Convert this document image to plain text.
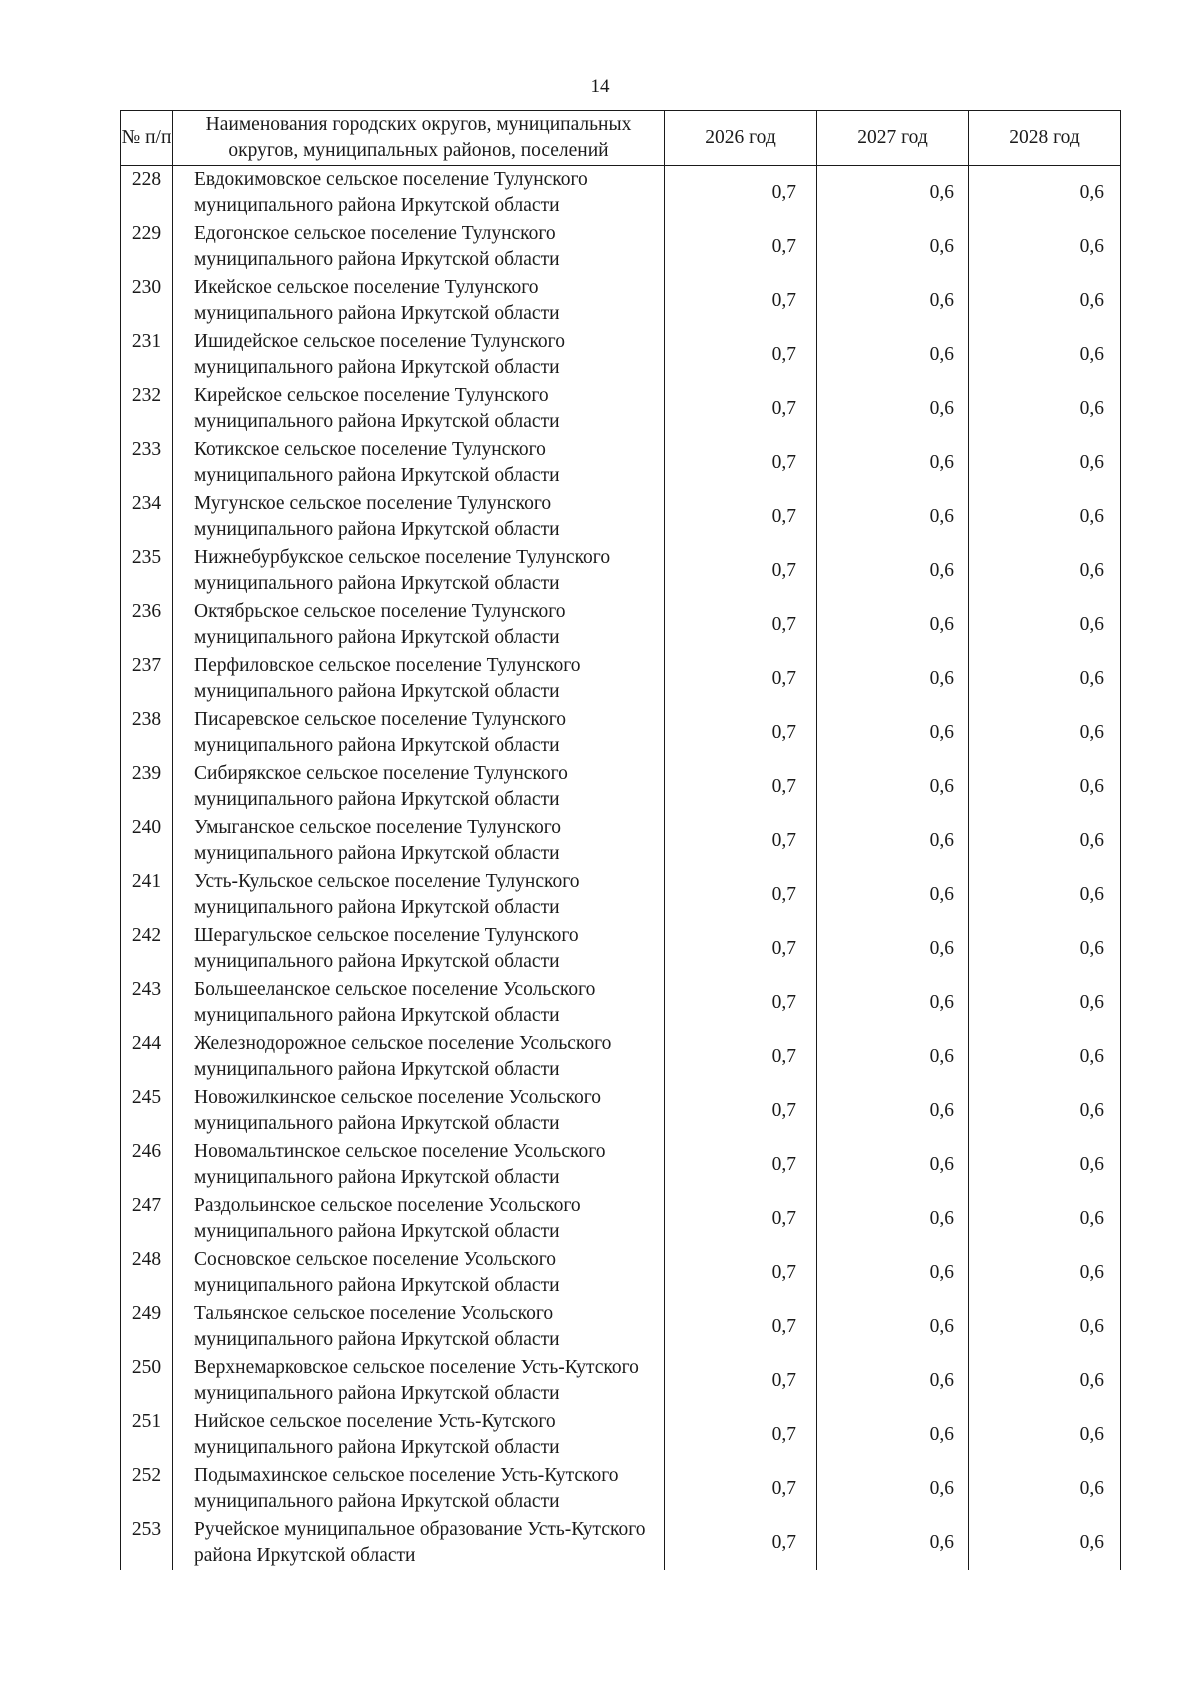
14
№ п/п	Наименования городских округов, муниципальных округов, муниципальных районов, поселений	2026 год	2027 год	2028 год
228	Евдокимовское сельское поселение Тулунского муниципального района Иркутской области	0,7	0,6	0,6
229	Едогонское сельское поселение Тулунского муниципального района Иркутской области	0,7	0,6	0,6
230	Икейское сельское поселение Тулунского муниципального района Иркутской области	0,7	0,6	0,6
231	Ишидейское сельское поселение Тулунского муниципального района Иркутской области	0,7	0,6	0,6
232	Кирейское сельское поселение Тулунского муниципального района Иркутской области	0,7	0,6	0,6
233	Котикское сельское поселение Тулунского муниципального района Иркутской области	0,7	0,6	0,6
234	Мугунское сельское поселение Тулунского муниципального района Иркутской области	0,7	0,6	0,6
235	Нижнебурбукское сельское поселение Тулунского муниципального района Иркутской области	0,7	0,6	0,6
236	Октябрьское сельское поселение Тулунского муниципального района Иркутской области	0,7	0,6	0,6
237	Перфиловское сельское поселение Тулунского муниципального района Иркутской области	0,7	0,6	0,6
238	Писаревское сельское поселение Тулунского муниципального района Иркутской области	0,7	0,6	0,6
239	Сибирякское сельское поселение Тулунского муниципального района Иркутской области	0,7	0,6	0,6
240	Умыганское сельское поселение Тулунского муниципального района Иркутской области	0,7	0,6	0,6
241	Усть-Кульское сельское поселение Тулунского муниципального района Иркутской области	0,7	0,6	0,6
242	Шерагульское сельское поселение Тулунского муниципального района Иркутской области	0,7	0,6	0,6
243	Большееланское сельское поселение Усольского муниципального района Иркутской области	0,7	0,6	0,6
244	Железнодорожное сельское поселение Усольского муниципального района Иркутской области	0,7	0,6	0,6
245	Новожилкинское сельское поселение Усольского муниципального района Иркутской области	0,7	0,6	0,6
246	Новомальтинское сельское поселение Усольского муниципального района Иркутской области	0,7	0,6	0,6
247	Раздольинское сельское поселение Усольского муниципального района Иркутской области	0,7	0,6	0,6
248	Сосновское сельское поселение Усольского муниципального района Иркутской области	0,7	0,6	0,6
249	Тальянское сельское поселение Усольского муниципального района Иркутской области	0,7	0,6	0,6
250	Верхнемарковское сельское поселение Усть-Кутского муниципального района Иркутской области	0,7	0,6	0,6
251	Нийское сельское поселение Усть-Кутского муниципального района Иркутской области	0,7	0,6	0,6
252	Подымахинское сельское поселение Усть-Кутского муниципального района Иркутской области	0,7	0,6	0,6
253	Ручейское муниципальное образование Усть-Кутского района Иркутской области	0,7	0,6	0,6
